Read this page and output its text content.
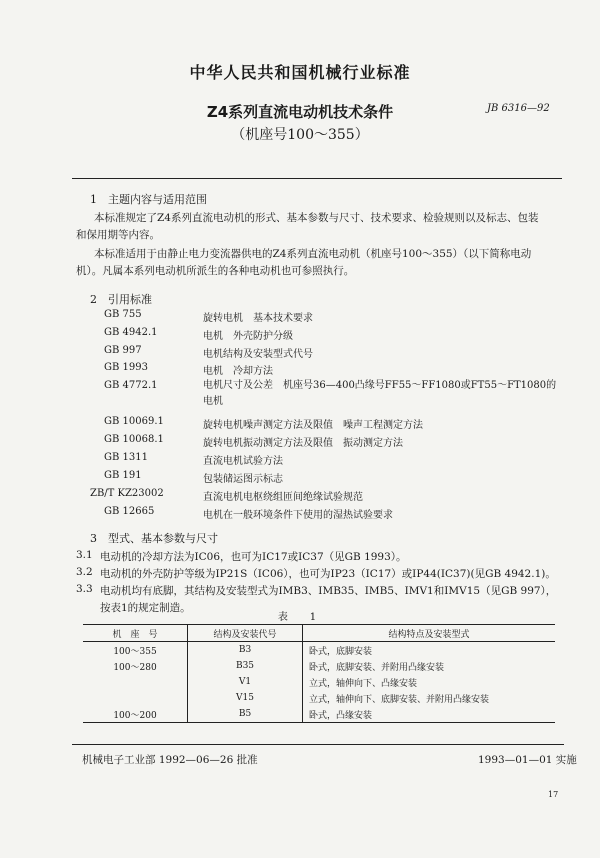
中华人民共和国机械行业标准
Z4系列直流电动机技术条件
（机座号100～355）
JB 6316—92
1　主题内容与适用范围
本标准规定了Z4系列直流电动机的形式、基本参数与尺寸、技术要求、检验规则以及标志、包装和保用期等内容。
本标准适用于由静止电力变流器供电的Z4系列直流电动机（机座号100～355）（以下简称电动机）。凡属本系列电动机所派生的各种电动机也可参照执行。
2　引用标准
GB 755	旋转电机　基本技术要求
GB 4942.1	电机　外壳防护分级
GB 997	电机结构及安装型式代号
GB 1993	电机　冷却方法
GB 4772.1	电机尺寸及公差　机座号36—400凸缘号FF55～FF1080或FT55～FT1080的电机
GB 10069.1	旋转电机噪声测定方法及限值　噪声工程测定方法
GB 10068.1	旋转电机振动测定方法及限值　振动测定方法
GB 1311	直流电机试验方法
GB 191	包装储运图示标志
ZB/T KZ23002	直流电机电枢绕组匝间绝缘试验规范
GB 12665	电机在一般环境条件下使用的湿热试验要求
3　型式、基本参数与尺寸
3.1 电动机的冷却方法为IC06，也可为IC17或IC37（见GB 1993）。
3.2 电动机的外壳防护等级为IP21S（IC06），也可为IP23（IC17）或IP44(IC37)(见GB 4942.1)。
3.3 电动机均有底脚，其结构及安装型式为IMB3、IMB35、IMB5、IMV1和IMV15（见GB 997），按表1的规定制造。
表　1
机　座　号	结构及安装代号	结构特点及安装型式
100～355	B3	卧式，底脚安装
100～280	B35	卧式，底脚安装、并附用凸缘安装
	V1	立式，轴伸向下、凸缘安装
	V15	立式，轴伸向下、底脚安装、并附用凸缘安装
100～200	B5	卧式，凸缘安装
机械电子工业部 1992—06—26 批准	1993—01—01 实施
17
